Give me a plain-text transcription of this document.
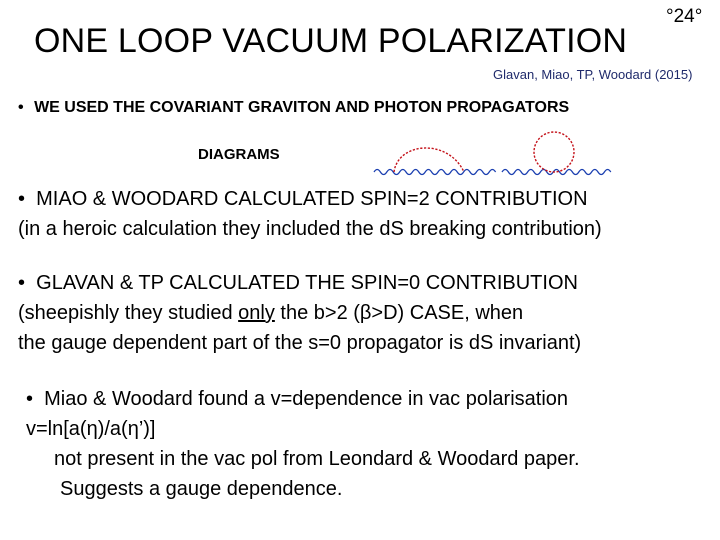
ONE LOOP VACUUM POLARIZATION
°24°
Glavan, Miao, TP, Woodard (2015)
• WE USED THE COVARIANT GRAVITON AND PHOTON PROPAGATORS
DIAGRAMS
• MIAO & WOODARD CALCULATED SPIN=2 CONTRIBUTION
(in a heroic calculation they included the dS breaking contribution)
• GLAVAN & TP CALCULATED THE SPIN=0 CONTRIBUTION
(sheepishly they studied only the b>2 (β>D) CASE, when
the gauge dependent part of the s=0 propagator is dS invariant)
• Miao & Woodard found a v=dependence in vac polarisation
v=ln[a(η)/a(η’)]
not present in the vac pol from Leondard & Woodard paper.
Suggests a gauge dependence.
